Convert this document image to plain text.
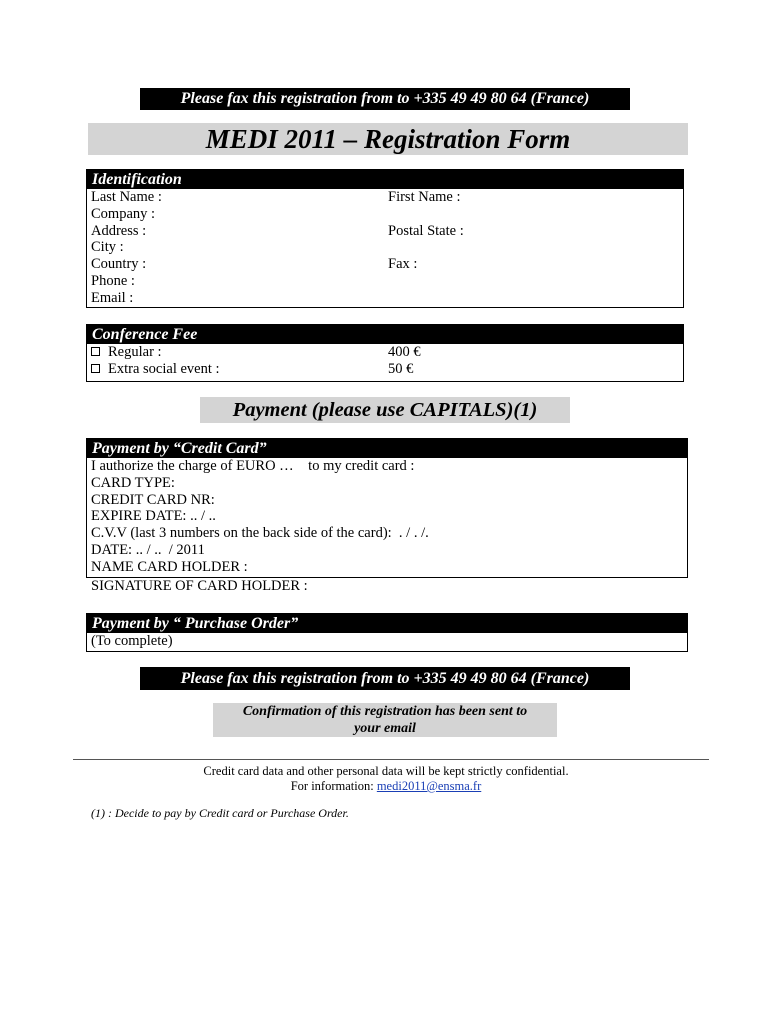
Please fax this registration from to +335 49 49 80 64 (France)
MEDI 2011 – Registration Form
Identification
Last Name :	First Name :
Company :
Address :	Postal State :
City :
Country :	Fax :
Phone :
Email :
Conference Fee
Regular :	400 €
Extra social event :	50 €
Payment (please use CAPITALS)(1)
Payment by “Credit Card”
I authorize the charge of EURO …    to my credit card :
CARD TYPE:
CREDIT CARD NR:
EXPIRE DATE: .. / ..
C.V.V (last 3 numbers on the back side of the card):  . / . /.
DATE: .. / ..  / 2011
NAME CARD HOLDER :
SIGNATURE OF CARD HOLDER :
Payment by “ Purchase Order”
(To complete)
Please fax this registration from to +335 49 49 80 64 (France)
Confirmation of this registration has been sent to
your email
Credit card data and other personal data will be kept strictly confidential.
For information: medi2011@ensma.fr
(1) : Decide to pay by Credit card or Purchase Order.
